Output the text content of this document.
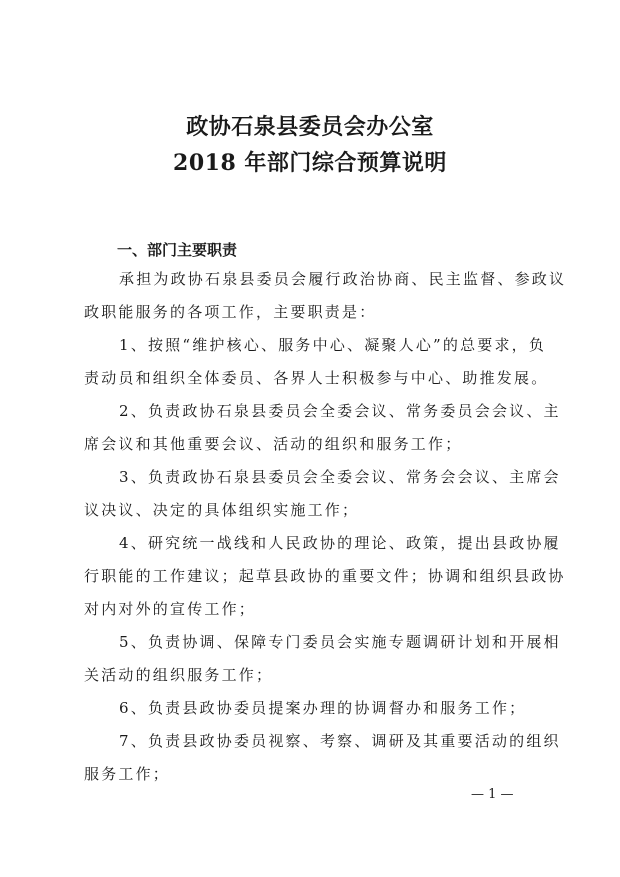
政协石泉县委员会办公室
2018 年部门综合预算说明
一、部门主要职责
承担为政协石泉县委员会履行政治协商、民主监督、参政议
政职能服务的各项工作，主要职责是：
1、按照“维护核心、服务中心、凝聚人心”的总要求，负
责动员和组织全体委员、各界人士积极参与中心、助推发展。
2、负责政协石泉县委员会全委会议、常务委员会会议、主
席会议和其他重要会议、活动的组织和服务工作；
3、负责政协石泉县委员会全委会议、常务会会议、主席会
议决议、决定的具体组织实施工作；
4、研究统一战线和人民政协的理论、政策，提出县政协履
行职能的工作建议；起草县政协的重要文件；协调和组织县政协
对内对外的宣传工作；
5、负责协调、保障专门委员会实施专题调研计划和开展相
关活动的组织服务工作；
6、负责县政协委员提案办理的协调督办和服务工作；
7、负责县政协委员视察、考察、调研及其重要活动的组织
服务工作；
— 1 —
